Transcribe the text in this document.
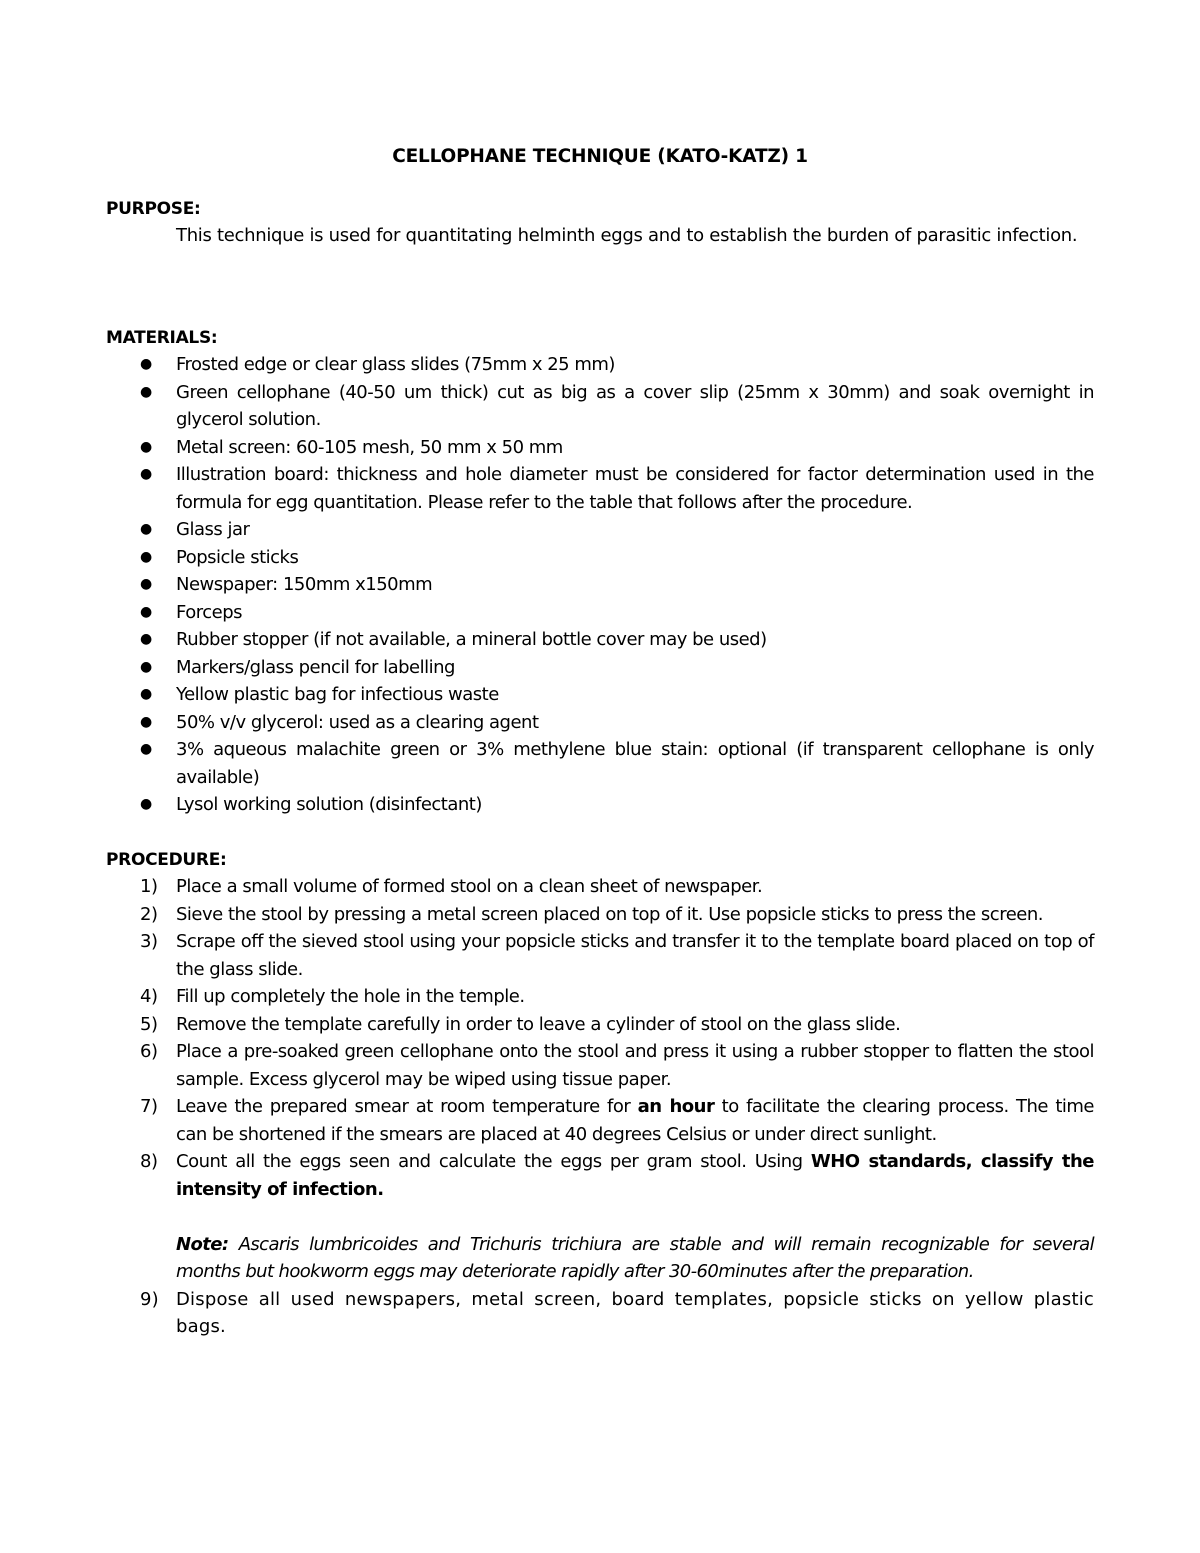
CELLOPHANE TECHNIQUE (KATO-KATZ) 1
PURPOSE:
This technique is used for quantitating helminth eggs and to establish the burden of parasitic infection.
MATERIALS:
● Frosted edge or clear glass slides (75mm x 25 mm)
● Green cellophane (40-50 um thick) cut as big as a cover slip (25mm x 30mm) and soak overnight in glycerol solution.
● Metal screen: 60-105 mesh, 50 mm x 50 mm
● Illustration board: thickness and hole diameter must be considered for factor determination used in the formula for egg quantitation. Please refer to the table that follows after the procedure.
● Glass jar
● Popsicle sticks
● Newspaper: 150mm x150mm
● Forceps
● Rubber stopper (if not available, a mineral bottle cover may be used)
● Markers/glass pencil for labelling
● Yellow plastic bag for infectious waste
● 50% v/v glycerol: used as a clearing agent
● 3% aqueous malachite green or 3% methylene blue stain: optional (if transparent cellophane is only available)
● Lysol working solution (disinfectant)
PROCEDURE:
1) Place a small volume of formed stool on a clean sheet of newspaper.
2) Sieve the stool by pressing a metal screen placed on top of it. Use popsicle sticks to press the screen.
3) Scrape off the sieved stool using your popsicle sticks and transfer it to the template board placed on top of the glass slide.
4) Fill up completely the hole in the temple.
5) Remove the template carefully in order to leave a cylinder of stool on the glass slide.
6) Place a pre-soaked green cellophane onto the stool and press it using a rubber stopper to flatten the stool sample. Excess glycerol may be wiped using tissue paper.
7) Leave the prepared smear at room temperature for an hour to facilitate the clearing process. The time can be shortened if the smears are placed at 40 degrees Celsius or under direct sunlight.
8) Count all the eggs seen and calculate the eggs per gram stool. Using WHO standards, classify the intensity of infection.
Note: Ascaris lumbricoides and Trichuris trichiura are stable and will remain recognizable for several months but hookworm eggs may deteriorate rapidly after 30-60minutes after the preparation.
9) Dispose all used newspapers, metal screen, board templates, popsicle sticks on yellow plastic bags.
